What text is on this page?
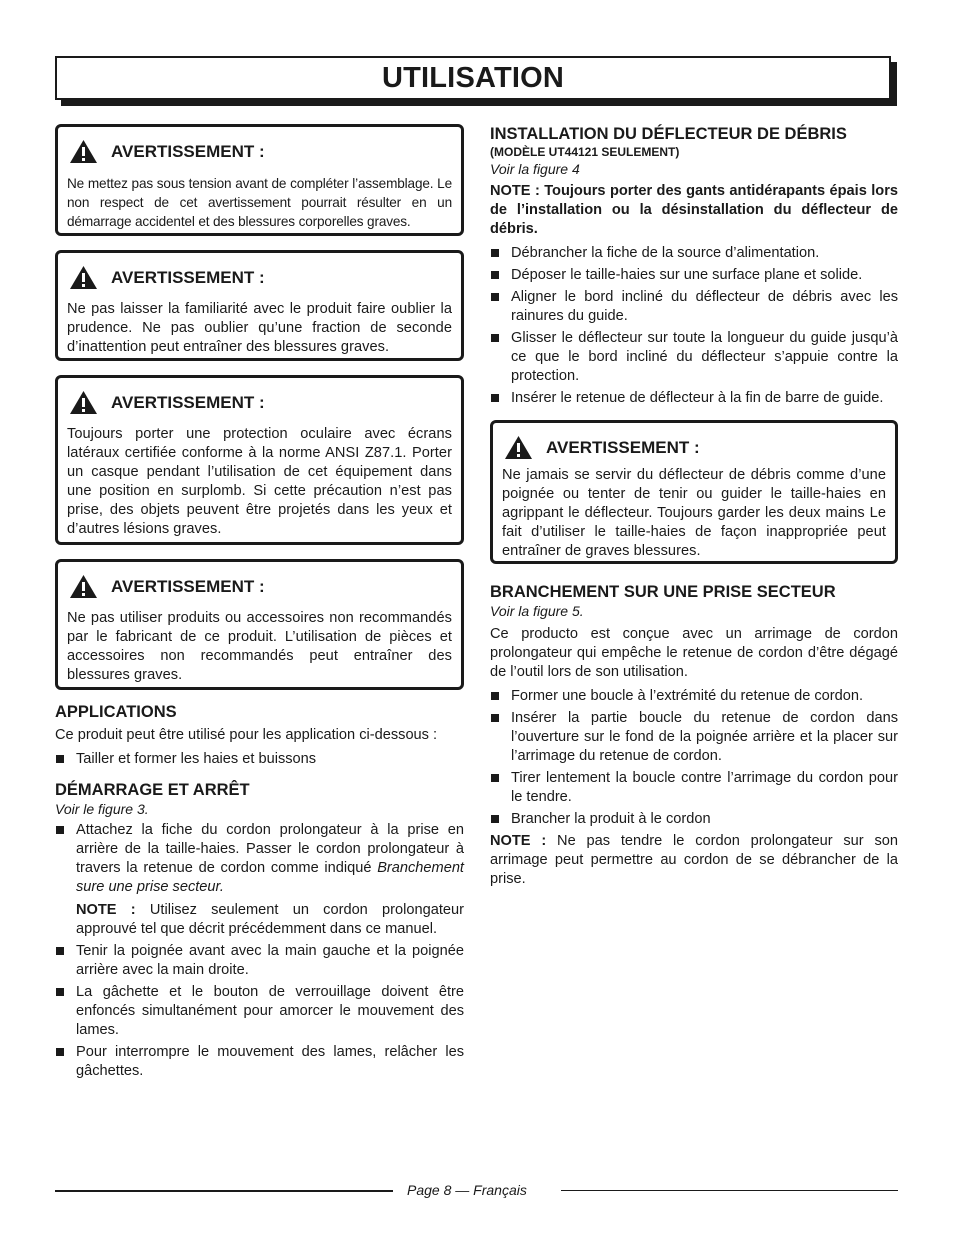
UTILISATION
AVERTISSEMENT :
Ne mettez pas sous tension avant de compléter l’assemblage. Le non respect de cet avertissement pourrait résulter en un démarrage accidentel et des blessures corporelles graves.
AVERTISSEMENT :
Ne pas laisser la familiarité avec le produit faire oublier la prudence. Ne pas oublier qu’une fraction de seconde d’inattention peut entraîner des blessures graves.
AVERTISSEMENT :
Toujours porter une protection oculaire avec écrans latéraux certifiée conforme à la norme ANSI Z87.1. Porter un casque pendant l’utilisation de cet équipement dans une position en surplomb. Si cette précaution n’est pas prise, des objets peuvent être projetés dans les yeux et d’autres lésions graves.
AVERTISSEMENT :
Ne pas utiliser produits ou accessoires non recommandés par le fabricant de ce produit. L’utilisation de pièces et accessoires non recommandés peut entraîner des blessures graves.
APPLICATIONS

Ce produit peut être utilisé pour les application ci-dessous :

Tailler et former les haies et buissons
DÉMARRAGE ET ARRÊT
Voir le figure 3.
Attachez la fiche du cordon prolongateur à la prise en arrière de la taille-haies. Passer le cordon prolongateur à travers la retenue de cordon comme indiqué Branchement sure une prise secteur.
NOTE : Utilisez seulement un cordon prolongateur approuvé tel que décrit précédemment dans ce manuel.
Tenir la poignée avant avec la main gauche et la poignée arrière avec la main droite.
La gâchette et le bouton de verrouillage doivent être enfoncés simultanément pour amorcer le mouvement des lames.
Pour interrompre le mouvement des lames, relâcher les gâchettes.
INSTALLATION DU DÉFLECTEUR DE DÉBRIS
(MODÈLE UT44121 SEULEMENT)
Voir la figure 4

NOTE : Toujours porter des gants antidérapants épais lors de l’installation ou la désinstallation du déflecteur de débris.

Débrancher la fiche de la source d’alimentation.
Déposer le taille-haies sur une surface plane et solide.
Aligner le bord incliné du déflecteur de débris avec les rainures du guide.
Glisser le déflecteur sur toute la longueur du guide jusqu’à ce que le bord incliné du déflecteur s’appuie contre la protection.
Insérer le retenue de déflecteur à la fin de barre de guide.
AVERTISSEMENT :
Ne jamais se servir du déflecteur de débris comme d’une poignée ou tenter de tenir ou guider le taille-haies en agrippant le déflecteur. Toujours garder les deux mains Le fait d’utiliser le taille-haies de façon inappropriée peut entraîner de graves blessures.
BRANCHEMENT SUR UNE PRISE SECTEUR
Voir la figure 5.

Ce producto est conçue avec un arrimage de cordon prolongateur qui empêche le retenue de cordon d’être dégagé de l’outil lors de son utilisation.

Former une boucle à l’extrémité du retenue de cordon.
Insérer la partie boucle du retenue de cordon dans l’ouverture sur le fond de la poignée arrière et la placer sur l’arrimage du retenue de cordon.
Tirer lentement la boucle contre l’arrimage du cordon pour le tendre.
Brancher la produit à le cordon

NOTE : Ne pas tendre le cordon prolongateur sur son arrimage peut permettre au cordon de se débrancher de la prise.

Page 8 — Français
